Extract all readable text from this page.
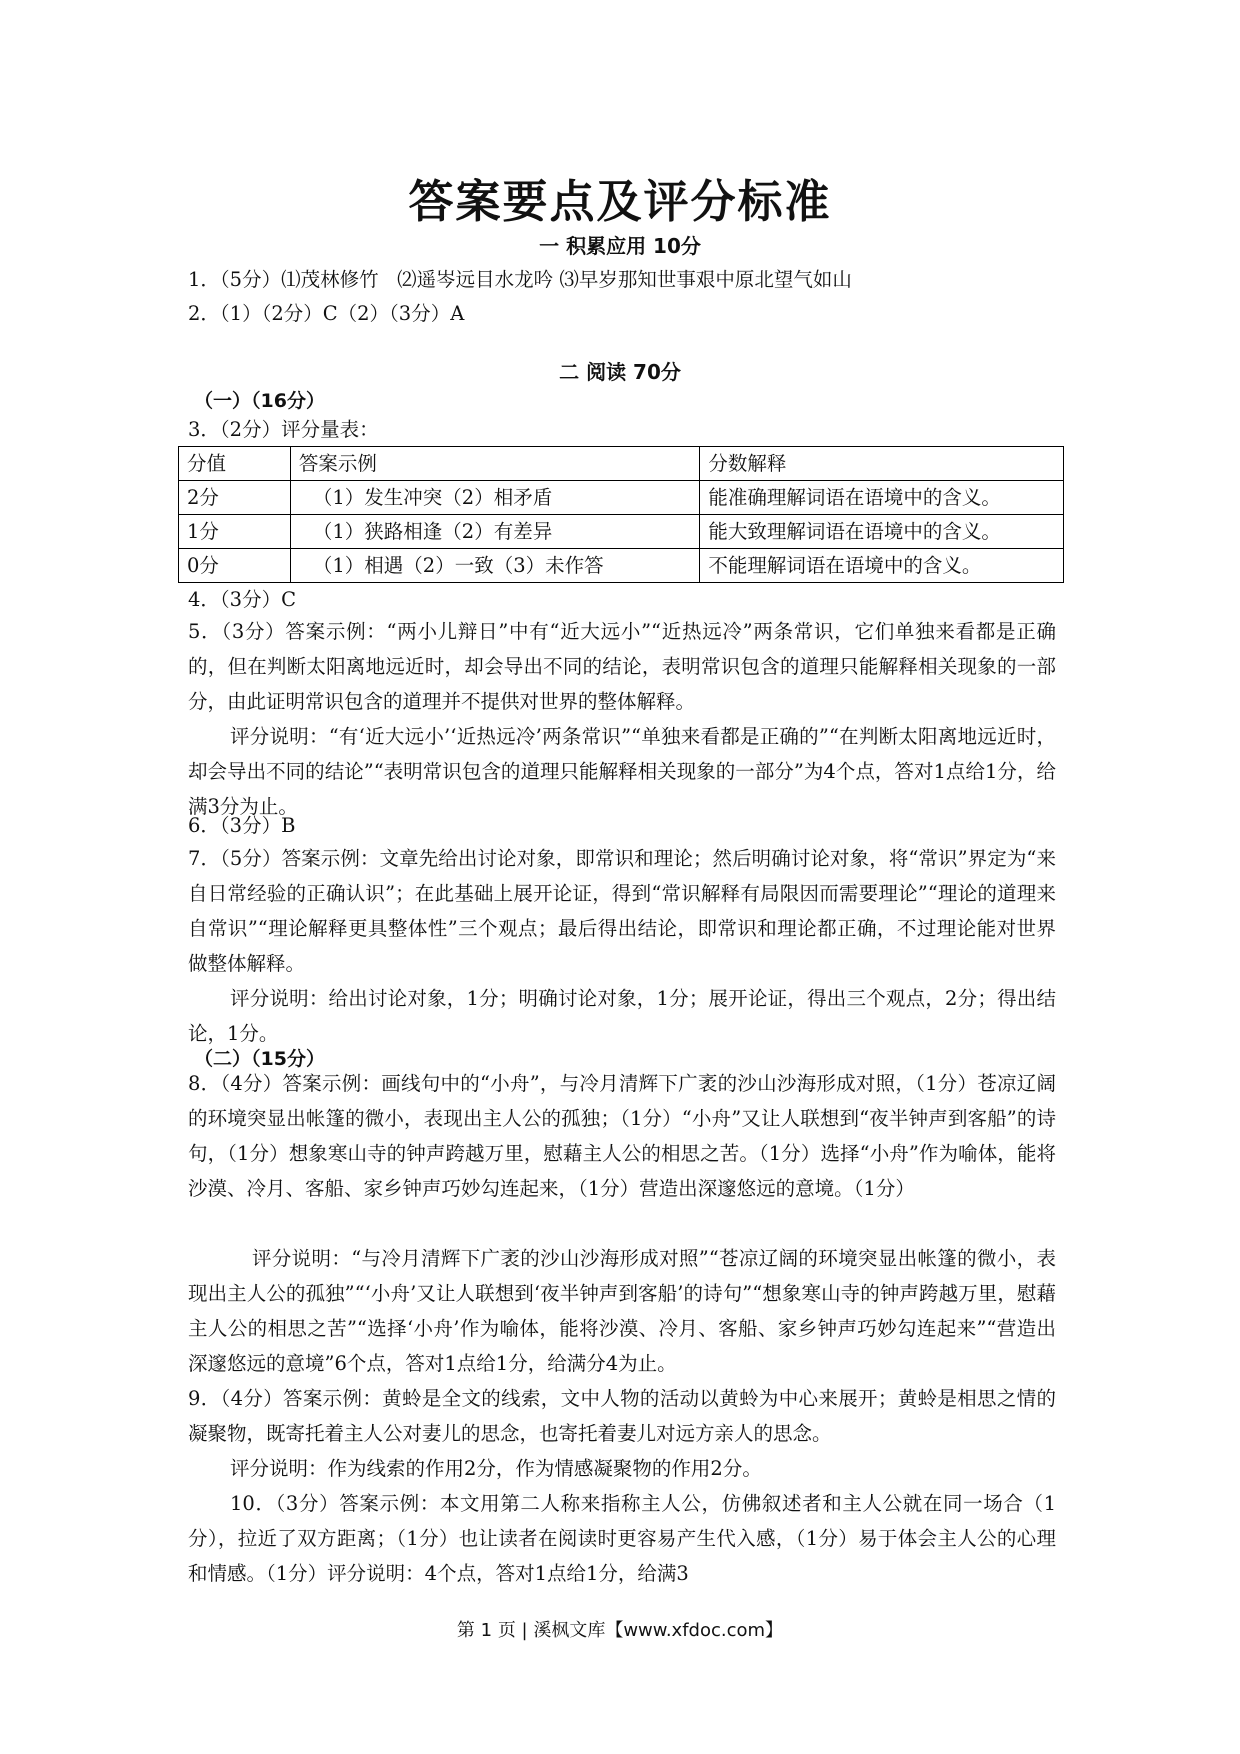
答案要点及评分标准
一 积累应用 10分
1．（5分）⑴茂林修竹   ⑵遥岑远目水龙吟 ⑶早岁那知世事艰中原北望气如山
2．（1）（2分）C（2）（3分）A
二 阅读 70分
（一）（16分）
3．（2分）评分量表：
分值	答案示例	分数解释
2分	（1）发生冲突（2）相矛盾	能准确理解词语在语境中的含义。
1分	（1）狭路相逢（2）有差异	能大致理解词语在语境中的含义。
0分	（1）相遇（2）一致（3）未作答	不能理解词语在语境中的含义。
4．（3分）C
5．（3分）答案示例：“两小儿辩日”中有“近大远小”“近热远冷”两条常识，它们单独来看都是正确的，但在判断太阳离地远近时，却会导出不同的结论，表明常识包含的道理只能解释相关现象的一部分，由此证明常识包含的道理并不提供对世界的整体解释。
评分说明：“有‘近大远小’‘近热远冷’两条常识”“单独来看都是正确的”“在判断太阳离地远近时，却会导出不同的结论”“表明常识包含的道理只能解释相关现象的一部分”为4个点，答对1点给1分，给满3分为止。
6．（3分）B
7．（5分）答案示例：文章先给出讨论对象，即常识和理论；然后明确讨论对象，将“常识”界定为“来自日常经验的正确认识”；在此基础上展开论证，得到“常识解释有局限因而需要理论”“理论的道理来自常识”“理论解释更具整体性”三个观点；最后得出结论，即常识和理论都正确，不过理论能对世界做整体解释。
评分说明：给出讨论对象，1分；明确讨论对象，1分；展开论证，得出三个观点，2分；得出结论，1分。
（二）（15分）
8．（4分）答案示例：画线句中的“小舟”，与冷月清辉下广袤的沙山沙海形成对照，（1分）苍凉辽阔的环境突显出帐篷的微小，表现出主人公的孤独；（1分）“小舟”又让人联想到“夜半钟声到客船”的诗句，（1分）想象寒山寺的钟声跨越万里，慰藉主人公的相思之苦。（1分）选择“小舟”作为喻体，能将沙漠、冷月、客船、家乡钟声巧妙勾连起来，（1分）营造出深邃悠远的意境。（1分）
评分说明：“与冷月清辉下广袤的沙山沙海形成对照”“苍凉辽阔的环境突显出帐篷的微小，表现出主人公的孤独”“‘小舟’又让人联想到‘夜半钟声到客船’的诗句”“想象寒山寺的钟声跨越万里，慰藉主人公的相思之苦”“选择‘小舟’作为喻体，能将沙漠、冷月、客船、家乡钟声巧妙勾连起来”“营造出深邃悠远的意境”6个点，答对1点给1分，给满分4为止。
9．（4分）答案示例：黄蛉是全文的线索，文中人物的活动以黄蛉为中心来展开；黄蛉是相思之情的凝聚物，既寄托着主人公对妻儿的思念，也寄托着妻儿对远方亲人的思念。
评分说明：作为线索的作用2分，作为情感凝聚物的作用2分。
10．（3分）答案示例：本文用第二人称来指称主人公，仿佛叙述者和主人公就在同一场合（1分），拉近了双方距离；（1分）也让读者在阅读时更容易产生代入感，（1分）易于体会主人公的心理和情感。（1分）评分说明：4个点，答对1点给1分，给满3
第 1 页 | 溪枫文库【www.xfdoc.com】
